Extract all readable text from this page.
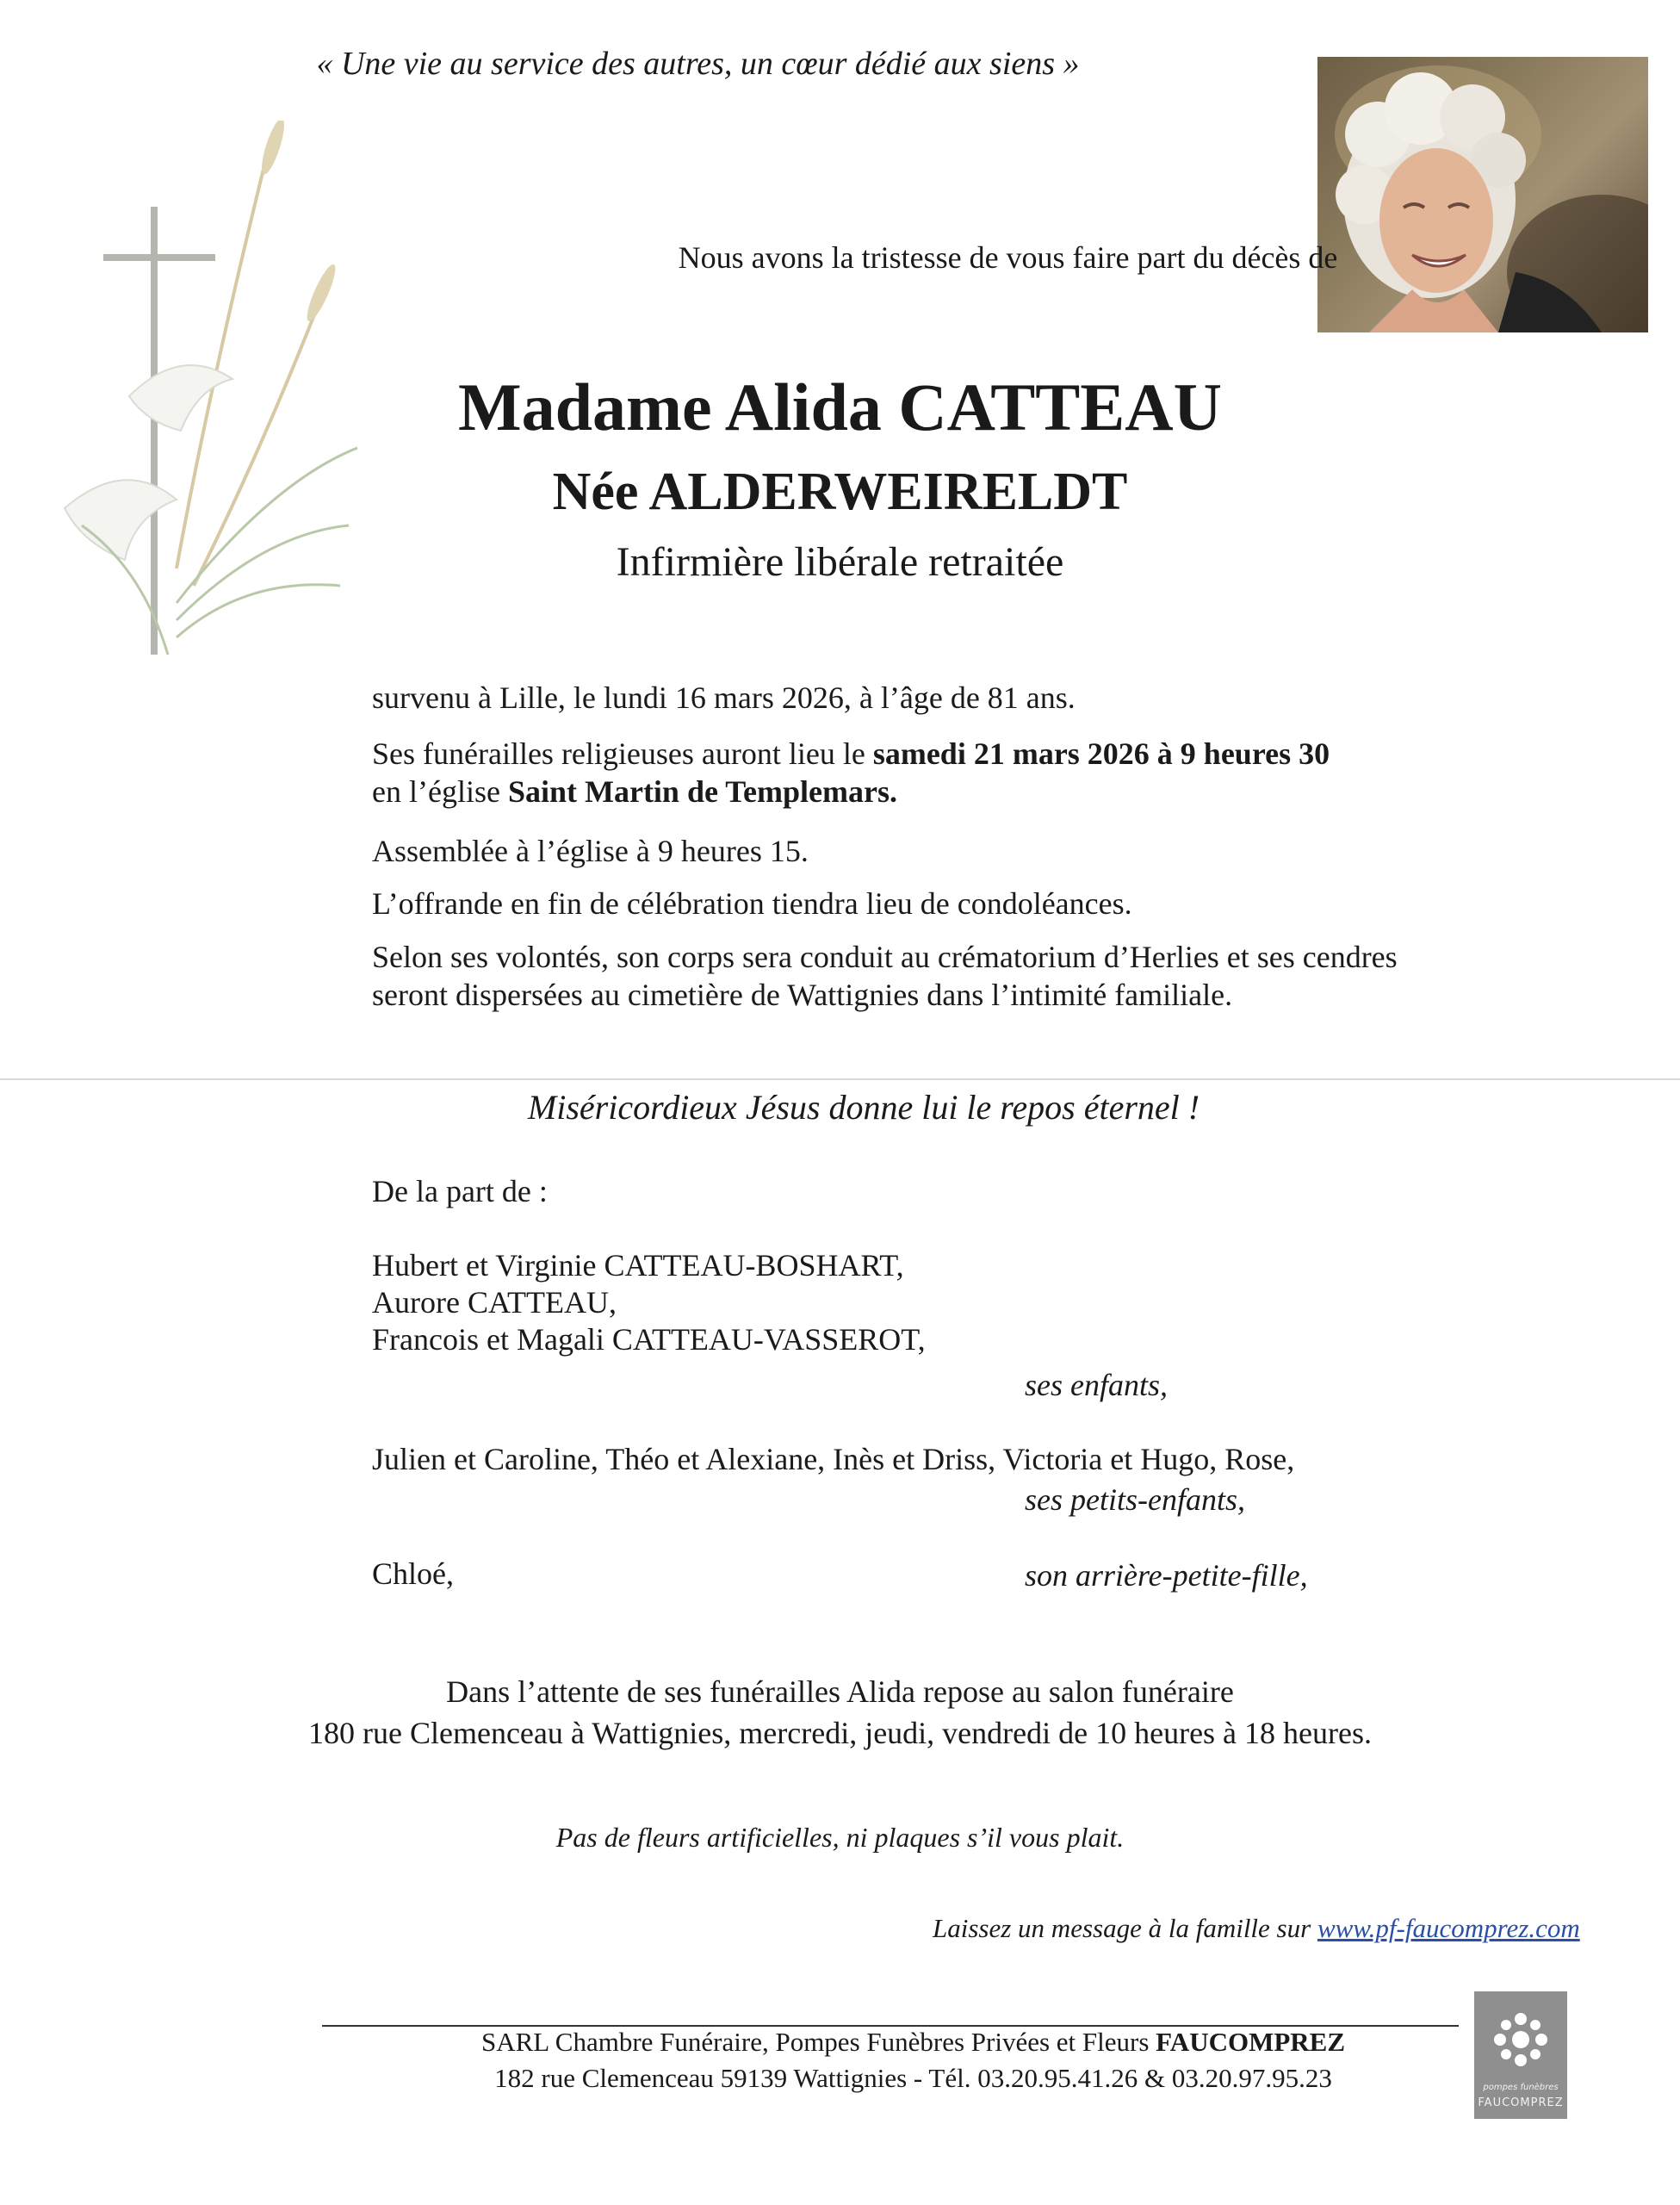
« Une vie au service des autres, un cœur dédié aux siens »
Nous avons la tristesse de vous faire part du décès de
Madame Alida CATTEAU
Née ALDERWEIRELDT
Infirmière libérale retraitée
survenu à Lille, le lundi 16 mars 2026, à l’âge de 81 ans.
Ses funérailles religieuses auront lieu le samedi 21 mars 2026 à 9 heures 30
en l’église Saint Martin de Templemars.
Assemblée à l’église à 9 heures 15.
L’offrande en fin de célébration tiendra lieu de condoléances.
Selon ses volontés, son corps sera conduit au crématorium d’Herlies et ses cendres
seront dispersées au cimetière de Wattignies dans l’intimité familiale.
Miséricordieux Jésus donne lui le repos éternel !
De la part de :
Hubert et Virginie CATTEAU-BOSHART,
Aurore CATTEAU,
Francois et Magali CATTEAU-VASSEROT,
ses enfants,
Julien et Caroline, Théo et Alexiane, Inès et Driss, Victoria et Hugo, Rose,
ses petits-enfants,
Chloé,	son arrière-petite-fille,
Dans l’attente de ses funérailles Alida repose au salon funéraire
180 rue Clemenceau à Wattignies, mercredi, jeudi, vendredi de 10 heures à 18 heures.
Pas de fleurs artificielles, ni plaques s’il vous plait.
Laissez un message à la famille sur www.pf-faucomprez.com
SARL Chambre Funéraire, Pompes Funèbres Privées et Fleurs FAUCOMPREZ
182 rue Clemenceau 59139 Wattignies - Tél. 03.20.95.41.26 & 03.20.97.95.23	pompes funèbres
FAUCOMPREZ
